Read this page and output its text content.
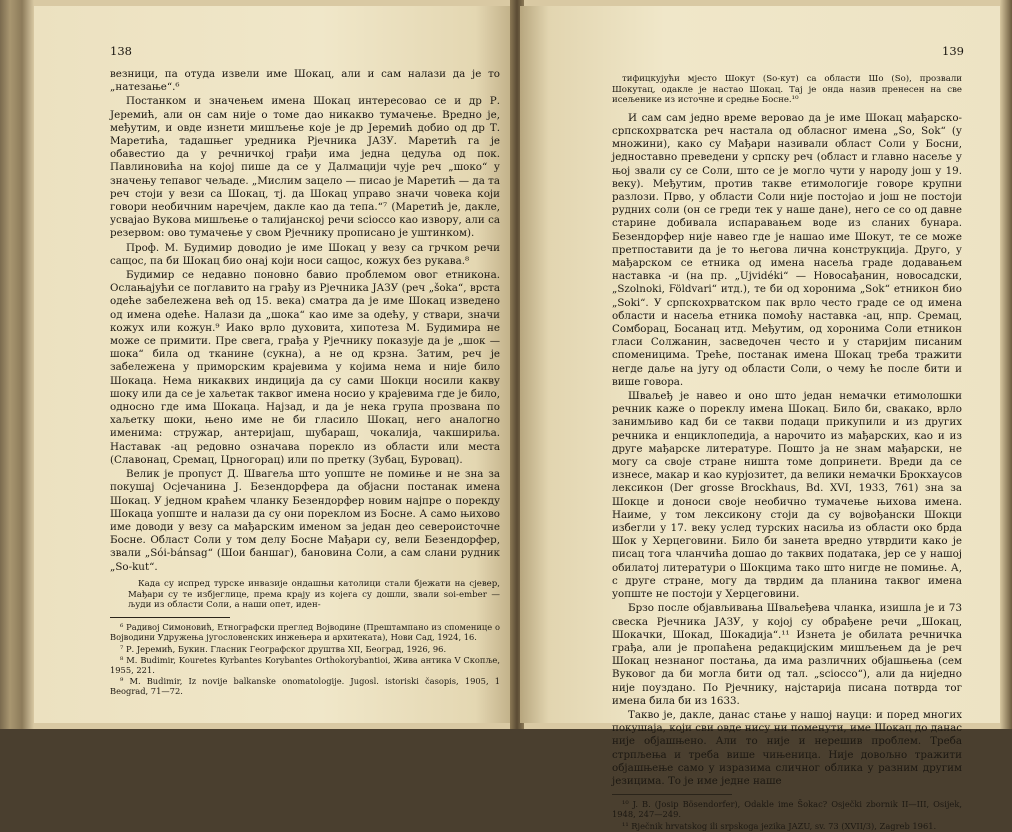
138

везници, па отуда извели име Шокац, али и сам налази да је то „натезање“.⁶

Постанком и значењем имена Шокац интересовао се и др Р. Јеремић, али он сам није о томе дао никакво тумачење. Вредно је, међутим, и овде изнети мишљење које је др Јеремић добио од др Т. Маретића, тадашњег уредника Рјечника ЈАЗУ. Маретић га је обавестио да у речничкој грађи има једна цедуља од пок. Павлиновића на којој пише да се у Далмацији чује реч „шоко“ у значењу тепавог чељаде. „Мислим зацело — писао је Маретић — да та реч стоји у вези са Шокац, тј. да Шокац управо значи човека који говори необичним наречјем, дакле као да тепа.“⁷ (Маретић је, дакле, усвајао Вукова мишљење о талијанској речи sciocco као извору, али са резервом: ово тумачење у свом Рјечнику прописано је уштинком).

Проф. М. Будимир доводио је име Шокац у везу са грчком речи сащос, па би Шокац био онај који носи сащос, кожух без рукава.⁸

Будимир се недавно поновно бавио проблемом овог етникона. Ослањајући се поглавито на грађу из Рјечника ЈАЗУ (реч „šoka“, врста одеће забележена већ од 15. века) сматра да је име Шокац изведено од имена одеће. Налази да „шока“ као име за одећу, у ствари, значи кожух или кожун.⁹ Иако врло духовита, хипотеза М. Будимира не може се примити. Пре свега, грађа у Рјечнику показује да је „шок — шока“ била од тканине (сукна), а не од крзна. Затим, реч је забележена у приморским крајевима у којима нема и није било Шокаца. Нема никаквих индиција да су сами Шокци носили какву шоку или да се је хаљетак таквог имена носио у крајевима где је било, односно где има Шокаца. Најзад, и да је нека група прозвана по хаљетку шоки, њено име не би гласило Шокац, него аналогно именима: стружар, антеријаш, шубараш, чокалија, чакшириља. Наставак -ац редовно означава порекло из области или места (Славонац, Сремац, Црногорац) или по претку (Зубац, Буровац).

Велик је пропуст Д. Швагеља што уопште не помиње и не зна за покушај Осјечанина Ј. Безендорфера да објасни постанак имена Шокац. У једном краћем чланку Безендорфер новим најпре о порекду Шокаца уопште и налази да су они пореклом из Босне. А само њихово име доводи у везу са мађарским именом за један део североисточне Босне. Област Соли у том делу Босне Мађари су, вели Безендорфер, звали „Sói-bánsag“ (Шои баншаг), бановина Соли, а сам слани рудник „So-kut“.

Када су испред турске инвазије ондашњи католици стали бјежати на сјевер, Мађари су те избјеглице, према крају из којега су дошли, звали soi-ember — људи из области Соли, а наши опет, иден-

⁶ Радивој Симоновић, Етнографски преглед Војводине (Прештампано из споменице о Војводини Удружења југословенских инжењера и архитеката), Нови Сад, 1924, 16.

⁷ Р. Јеремић, Букин. Гласник Географског друштва XII, Београд, 1926, 96.

⁸ M. Budimir, Kouretes Kyrbantes Korybantes Orthokorybantioi, Жива антика V Скопље, 1955, 221.

⁹ M. Budimir, Iz novije balkanske onomatologije. Jugosl. istoriski časopis, 1905, 1 Beograd, 71—72.

139

тифицкујући мјесто Шокут (So-кут) са области Шо (So), прозвали Шокутац, одакле је настао Шокац. Тај је онда назив пренесен на све исељенике из источне и средње Босне.¹⁰

И сам сам једно време веровао да је име Шокац мађарско-српскохрватска реч настала од обласног имена „So, Sok“ (у множини), како су Мађари називали област Соли у Босни, једноставно преведени у српску реч (област и главно насеље у њој звали су се Соли, што се је могло чути у народу још у 19. веку). Међутим, против такве етимологије говоре крупни разлози. Прво, у области Соли није постојао и још не постоји рудних соли (он се греди тек у наше дане), него се со од давне старине добивала испаравањем воде из сланих бунара. Безендорфер није навео где је нашао име Шокут, те се може претпоставити да је то његова лична конструкција. Друго, у мађарском се етника од имена насеља граде додавањем наставка -и (на пр. „Ujvidéki“ — Новосађанин, новосадски, „Szolnoki, Földvari“ итд.), те би од хоронима „Sok“ етникон био „Soki“. У српскохрватском пак врло често граде се од имена области и насеља етника помоћу наставка -ац, нпр. Сремац, Сомборац, Босанац итд. Међутим, од хоронима Соли етникон гласи Солжанин, засведочен често и у старијим писаним споменицима. Треће, постанак имена Шокац треба тражити негде даље на југу од области Соли, о чему ће после бити и више говора.

Шваљеђ је навео и оно што један немачки етимолошки речник каже о пореклу имена Шокац. Било би, свакако, врло занимљиво кад би се такви подаци прикупили и из других речника и енциклопедија, а нарочито из мађарских, као и из друге мађарске литературе. Пошто ја не знам мађарски, не могу са своје стране ништа томе допринети. Вреди да се изнесе, макар и као курјозитет, да велики немачки Брокхаусов лексикон (Der grosse Brockhaus, Bd. XVI, 1933, 761) зна за Шокце и доноси своје необично тумачење њихова имена. Наиме, у том лексикону стоји да су војвођански Шокци избегли у 17. веку услед турских насиља из области око брда Шок у Херцеговини. Било би занета вредно утврдити како је писац тога чланчића дошао до таквих података, јер се у нашој обилатој литератури о Шокцима тако што нигде не помиње. А, с друге стране, могу да тврдим да планина таквог имена уопште не постоји у Херцеговини.

Брзо после објављивања Шваљеђева чланка, изишла је и 73 свеска Рјечника ЈАЗУ, у којој су обрађене речи „Шокац, Шокачки, Шокад, Шокадија“.¹¹ Изнета је обилата речничка грађа, али је пропаћена редакцијским мишљењем да је реч Шокац незнаног постања, да има различних објашњења (сем Вуковог да би могла бити од тал. „sciocco“), али да ниједно није поуздано. По Рјечнику, најстарија писана потврда тог имена била би из 1633.

Такво је, дакле, данас стање у нашој науци: и поред многих покушаја, који сви овде нису ни поменути, име Шокац до данас није објашњено. Али то није и нерешив проблем. Треба стрпљења и треба више чињеница. Није довољно тражити објашњење само у изразима сличног облика у разним другим језицима. То је име једне наше

¹⁰ J. B. (Josip Bösendorfer), Odakle ime Šokac? Osječki zbornik II—III, Osijek, 1948, 247—249.

¹¹ Rječnik hrvatskog ili srpskoga jezika JAZU, sv. 73 (XVII/3), Zagreb 1961.
